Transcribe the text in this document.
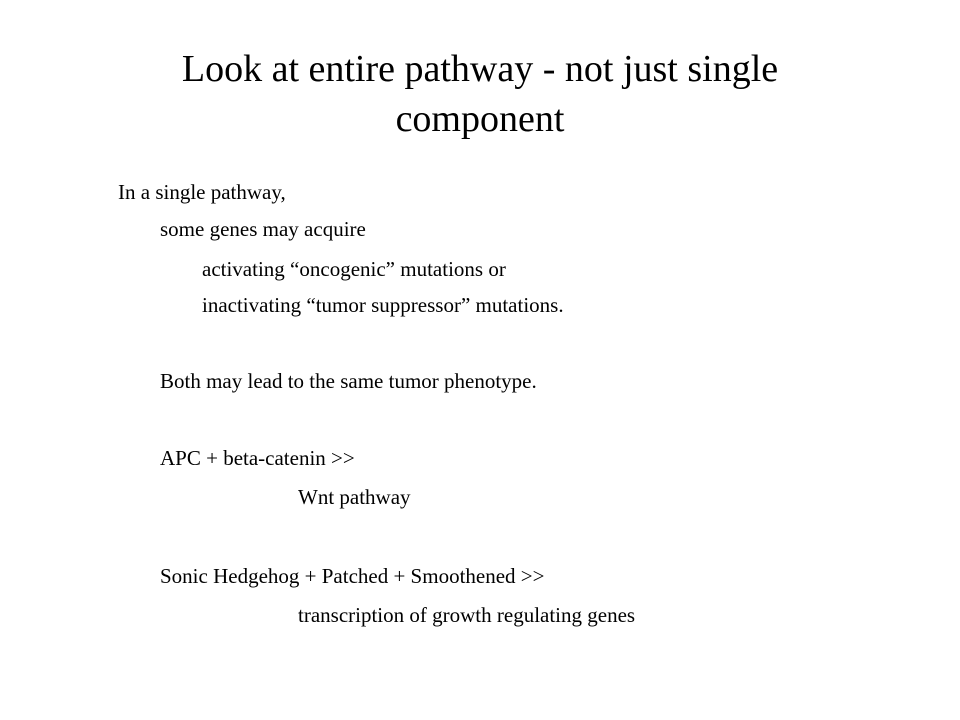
Look at entire pathway - not just single
component
In a single pathway,
some genes may acquire
activating “oncogenic” mutations or
inactivating “tumor suppressor” mutations.
Both may lead to the same tumor phenotype.
APC + beta-catenin >>
Wnt pathway
Sonic Hedgehog + Patched + Smoothened >>
transcription of growth regulating genes
